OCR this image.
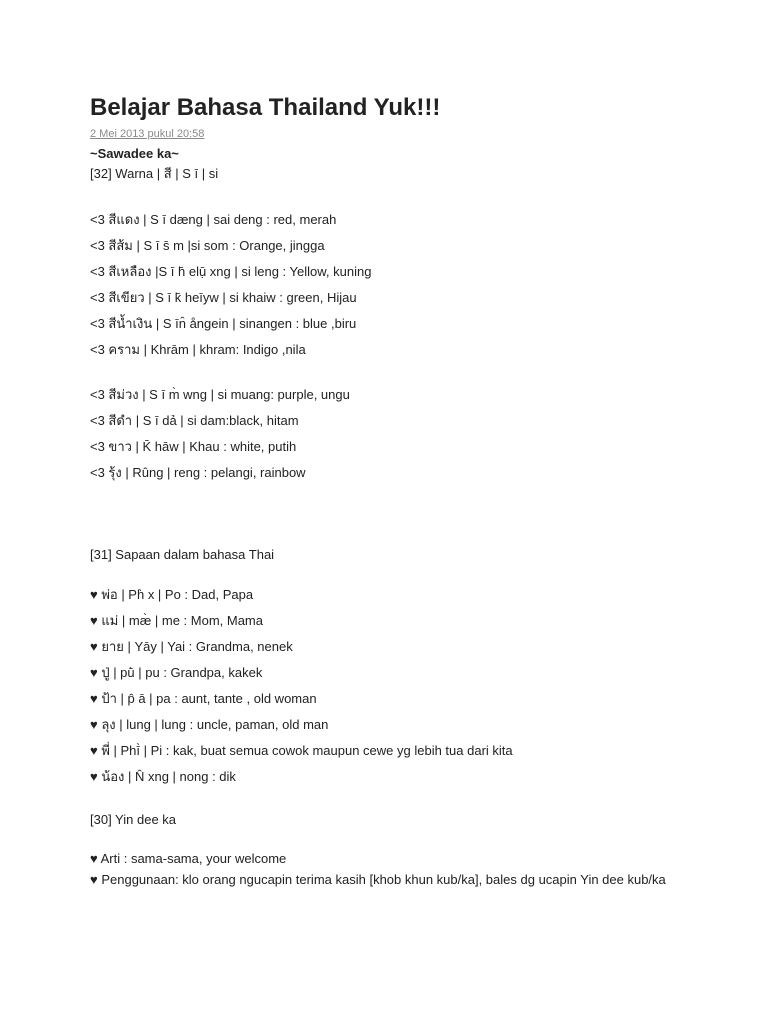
Belajar Bahasa Thailand Yuk!!!
2 Mei 2013 pukul 20:58
~Sawadee ka~
[32] Warna | สี | S ī | si
<3 สีแดง | S ī dæng | sai deng : red, merah
<3 สีส้ม | S ī s̄ m |si som : Orange, jingga
<3 สีเหลือง |S ī h̄ elụ̄ xng | si leng : Yellow, kuning
<3 สีเขียว | S ī k̄ heīyw | si khaiw : green, Hijau
<3 สีน้ำเงิน | S īn̂ ångein | sinangen : blue ,biru
<3 คราม | Khrām | khram: Indigo ,nila
<3 สีม่วง | S ī m̀ wng | si muang: purple, ungu
<3 สีดำ | S ī dả | si dam:black, hitam
<3 ขาว | K̄ hāw | Khau : white, putih
<3 รุ้ง | Rûng | reng : pelangi, rainbow
[31] Sapaan dalam bahasa Thai
♥ พ่อ | Ph̀ x | Po : Dad, Papa
♥ แม่ | mæ̀ | me : Mom, Mama
♥ ยาย | Yāy | Yai : Grandma, nenek
♥ ปู่ | pū̀ | pu : Grandpa, kakek
♥ ป้า | p̂ ā | pa : aunt, tante , old woman
♥ ลุง | lung | lung : uncle, paman, old man
♥ พี่ | Phī̀ | Pi : kak, buat semua cowok maupun cewe yg lebih tua dari kita
♥ น้อง | N̂ xng | nong : dik
[30] Yin dee ka
♥ Arti : sama-sama, your welcome
♥ Penggunaan: klo orang ngucapin terima kasih [khob khun kub/ka], bales dg ucapin Yin dee kub/ka
